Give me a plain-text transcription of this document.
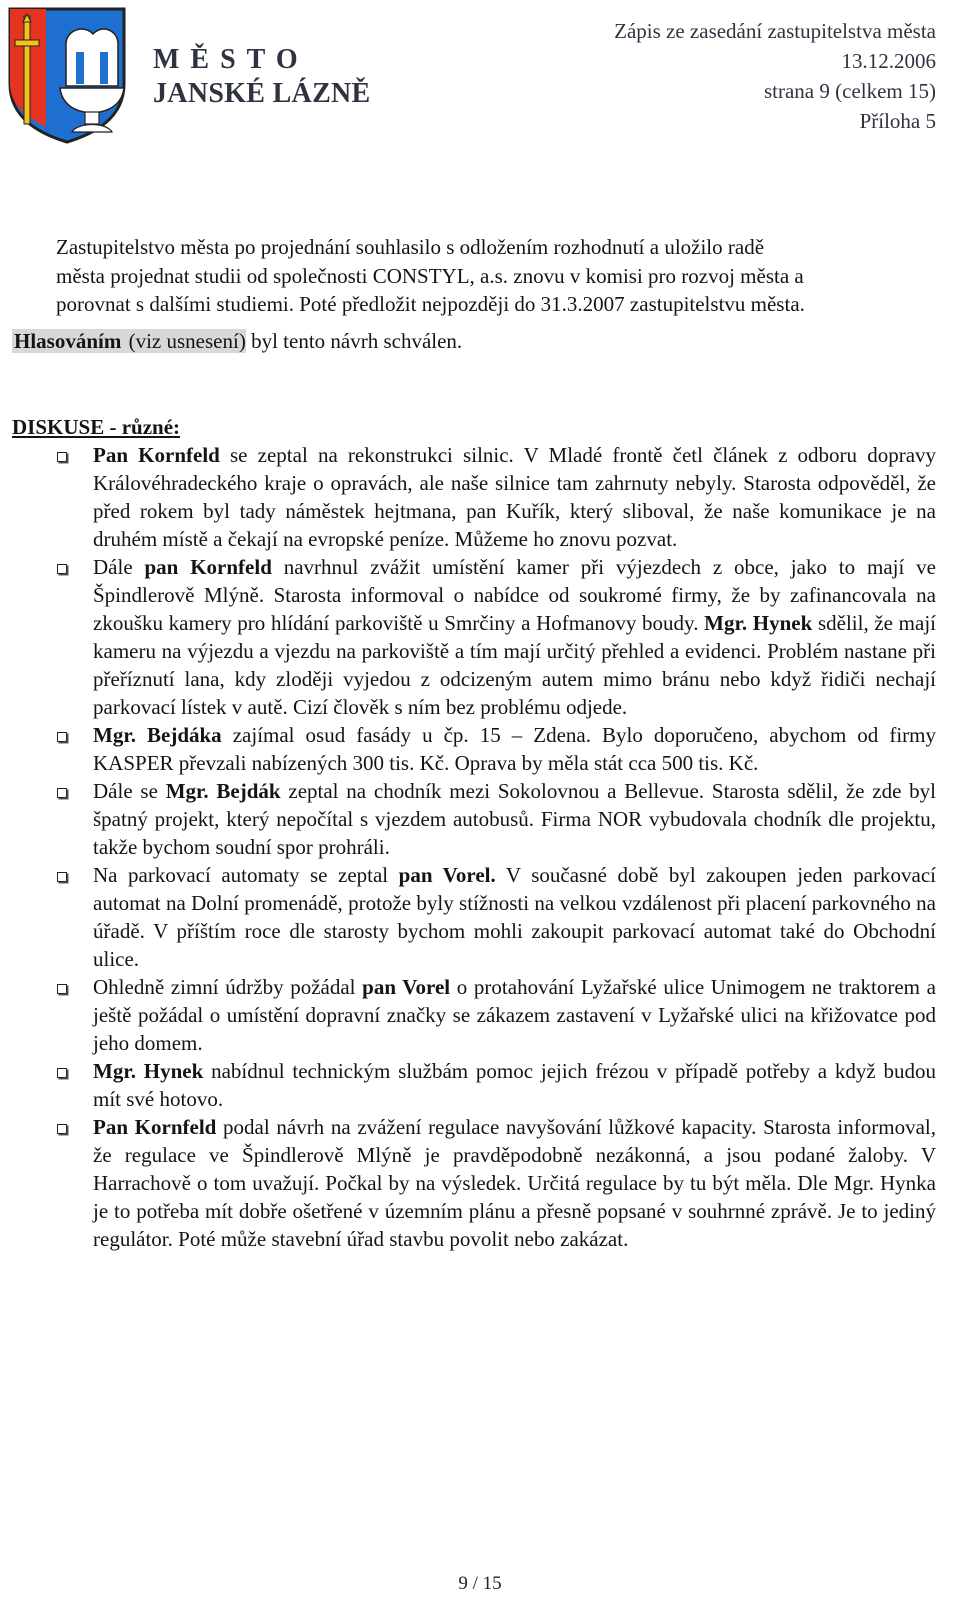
MĚSTO
JANSKÉ LÁZNĚ
Zápis ze zasedání zastupitelstva města
13.12.2006
strana 9 (celkem 15)
Příloha 5
Zastupitelstvo města po projednání souhlasilo s odložením rozhodnutí a uložilo radě
města projednat studii od společnosti CONSTYL, a.s. znovu v komisi pro rozvoj města a
porovnat s dalšími studiemi. Poté předložit nejpozději do 31.3.2007 zastupitelstvu města.
Hlasováním (viz usnesení) byl tento návrh schválen.
DISKUSE - různé:
Pan Kornfeld se zeptal na rekonstrukci silnic. V Mladé frontě četl článek z odboru dopravy Královéhradeckého kraje o opravách, ale naše silnice tam zahrnuty nebyly. Starosta odpověděl, že před rokem byl tady náměstek hejtmana, pan Kuřík, který sliboval, že naše komunikace je na druhém místě a čekají na evropské peníze. Můžeme ho znovu pozvat.
Dále pan Kornfeld navrhnul zvážit umístění kamer při výjezdech z obce, jako to mají ve Špindlerově Mlýně. Starosta informoval o nabídce od soukromé firmy, že by zafinancovala na zkoušku kamery pro hlídání parkoviště u Smrčiny a Hofmanovy boudy. Mgr. Hynek sdělil, že mají kameru na výjezdu a vjezdu na parkoviště a tím mají určitý přehled a evidenci. Problém nastane při přeříznutí lana, kdy zloději vyjedou z odcizeným autem mimo bránu nebo když řidiči nechají parkovací lístek v autě. Cizí člověk s ním bez problému odjede.
Mgr. Bejdáka zajímal osud fasády u čp. 15 – Zdena. Bylo doporučeno, abychom od firmy KASPER převzali nabízených 300 tis. Kč. Oprava by měla stát cca 500 tis. Kč.
Dále se Mgr. Bejdák zeptal na chodník mezi Sokolovnou a Bellevue. Starosta sdělil, že zde byl špatný projekt, který nepočítal s vjezdem autobusů. Firma NOR vybudovala chodník dle projektu, takže bychom soudní spor prohráli.
Na parkovací automaty se zeptal pan Vorel. V současné době byl zakoupen jeden parkovací automat na Dolní promenádě, protože byly stížnosti na velkou vzdálenost při placení parkovného na úřadě. V příštím roce dle starosty bychom mohli zakoupit parkovací automat také do Obchodní ulice.
Ohledně zimní údržby požádal pan Vorel o protahování Lyžařské ulice Unimogem ne traktorem a ještě požádal o umístění dopravní značky se zákazem zastavení v Lyžařské ulici na křižovatce pod jeho domem.
Mgr. Hynek nabídnul technickým službám pomoc jejich frézou v případě potřeby a když budou mít své hotovo.
Pan Kornfeld podal návrh na zvážení regulace navyšování lůžkové kapacity. Starosta informoval, že regulace ve Špindlerově Mlýně je pravděpodobně nezákonná, a jsou podané žaloby. V Harrachově o tom uvažují. Počkal by na výsledek. Určitá regulace by tu být měla. Dle Mgr. Hynka je to potřeba mít dobře ošetřené v územním plánu a přesně popsané v souhrnné zprávě. Je to jediný regulátor. Poté může stavební úřad stavbu povolit nebo zakázat.
9 / 15
